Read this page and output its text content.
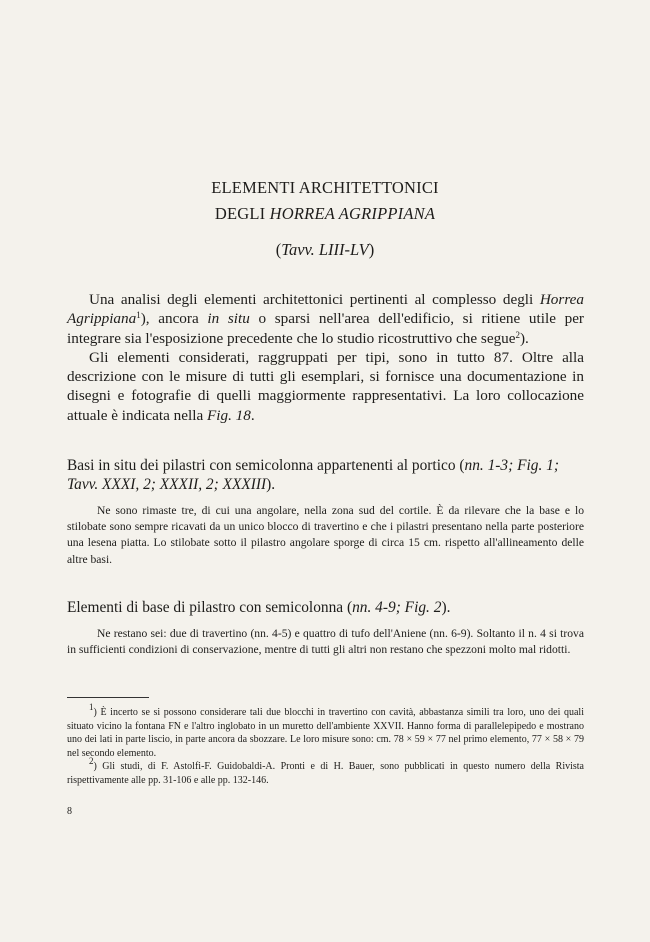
ELEMENTI ARCHITETTONICI
DEGLI HORREA AGRIPPIANA
(Tavv. LIII-LV)

Una analisi degli elementi architettonici pertinenti al complesso degli Horrea Agrippiana$^1$), ancora in situ o sparsi nell'area dell'edificio, si ritiene utile per integrare sia l'esposizione precedente che lo studio ricostruttivo che segue$^2$).

Gli elementi considerati, raggruppati per tipi, sono in tutto 87. Oltre alla descrizione con le misure di tutti gli esemplari, si fornisce una documentazione in disegni e fotografie di quelli maggiormente rappresentativi. La loro collocazione attuale è indicata nella Fig. 18.

Basi in situ dei pilastri con semicolonna appartenenti al portico (nn. 1-3; Fig. 1; Tavv. XXXI, 2; XXXII, 2; XXXIII).

Ne sono rimaste tre, di cui una angolare, nella zona sud del cortile. È da rilevare che la base e lo stilobate sono sempre ricavati da un unico blocco di travertino e che i pilastri presentano nella parte posteriore una lesena piatta. Lo stilobate sotto il pilastro angolare sporge di circa 15 cm. rispetto all'allineamento delle altre basi.

Elementi di base di pilastro con semicolonna (nn. 4-9; Fig. 2).

Ne restano sei: due di travertino (nn. 4-5) e quattro di tufo dell'Aniene (nn. 6-9). Soltanto il n. 4 si trova in sufficienti condizioni di conservazione, mentre di tutti gli altri non restano che spezzoni molto mal ridotti.

$^1$) È incerto se si possono considerare tali due blocchi in travertino con cavità, abbastanza simili tra loro, uno dei quali situato vicino la fontana FN e l'altro inglobato in un muretto dell'ambiente XXVII. Hanno forma di parallelepipedo e mostrano uno dei lati in parte liscio, in parte ancora da sbozzare. Le loro misure sono: cm. 78 × 59 × 77 nel primo elemento, 77 × 58 × 79 nel secondo elemento.

$^2$) Gli studi, di F. Astolfi-F. Guidobaldi-A. Pronti e di H. Bauer, sono pubblicati in questo numero della Rivista rispettivamente alle pp. 31-106 e alle pp. 132-146.

8
